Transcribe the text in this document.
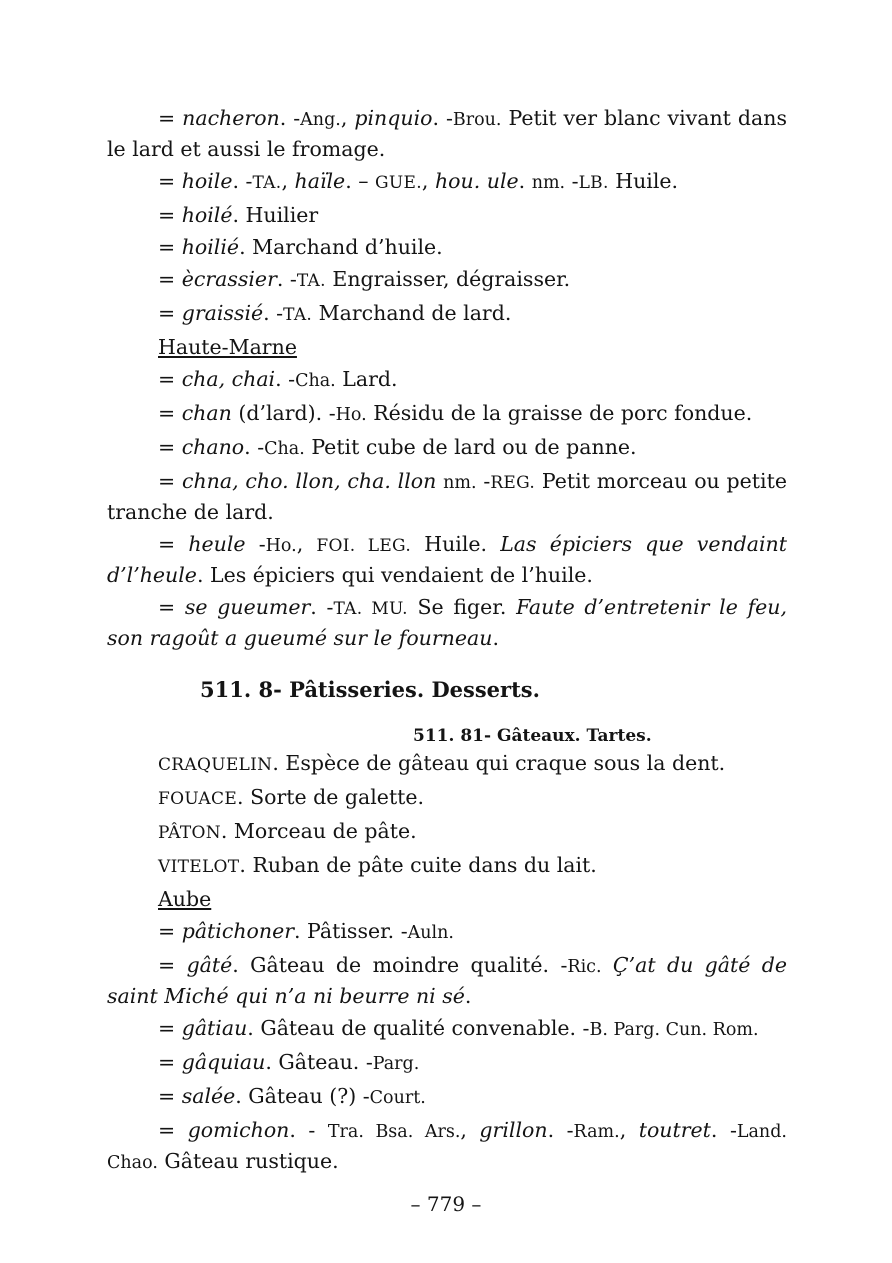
= nacheron. -Ang., pinquio. -Brou. Petit ver blanc vivant dans le lard et aussi le fromage.

= hoile. -TA., haïle. – GUE., hou. ule. nm. -LB. Huile.

= hoilé. Huilier

= hoilié. Marchand d’huile.

= ècrassier. -TA. Engraisser, dégraisser.

= graissié. -TA. Marchand de lard.

Haute-Marne

= cha, chai. -Cha. Lard.

= chan (d’lard). -Ho. Résidu de la graisse de porc fondue.

= chano. -Cha. Petit cube de lard ou de panne.

= chna, cho. llon, cha. llon nm. -REG. Petit morceau ou petite tranche de lard.

= heule -Ho., FOI. LEG. Huile. Las épiciers que vendaint d’l’heule. Les épiciers qui vendaient de l’huile.

= se gueumer. -TA. MU. Se figer. Faute d’entretenir le feu, son ragoût a gueumé sur le fourneau.

511. 8- Pâtisseries. Desserts.
511. 81- Gâteaux. Tartes.

CRAQUELIN. Espèce de gâteau qui craque sous la dent.

FOUACE. Sorte de galette.

PÂTON. Morceau de pâte.

VITELOT. Ruban de pâte cuite dans du lait.

Aube

= pâtichoner. Pâtisser. -Auln.

= gâté. Gâteau de moindre qualité. -Ric. Ç’at du gâté de saint Miché qui n’a ni beurre ni sé.

= gâtiau. Gâteau de qualité convenable. -B. Parg. Cun. Rom.

= gâquiau. Gâteau. -Parg.

= salée. Gâteau (?) -Court.

= gomichon. - Tra. Bsa. Ars., grillon. -Ram., toutret. -Land. Chao. Gâteau rustique.

– 779 –
